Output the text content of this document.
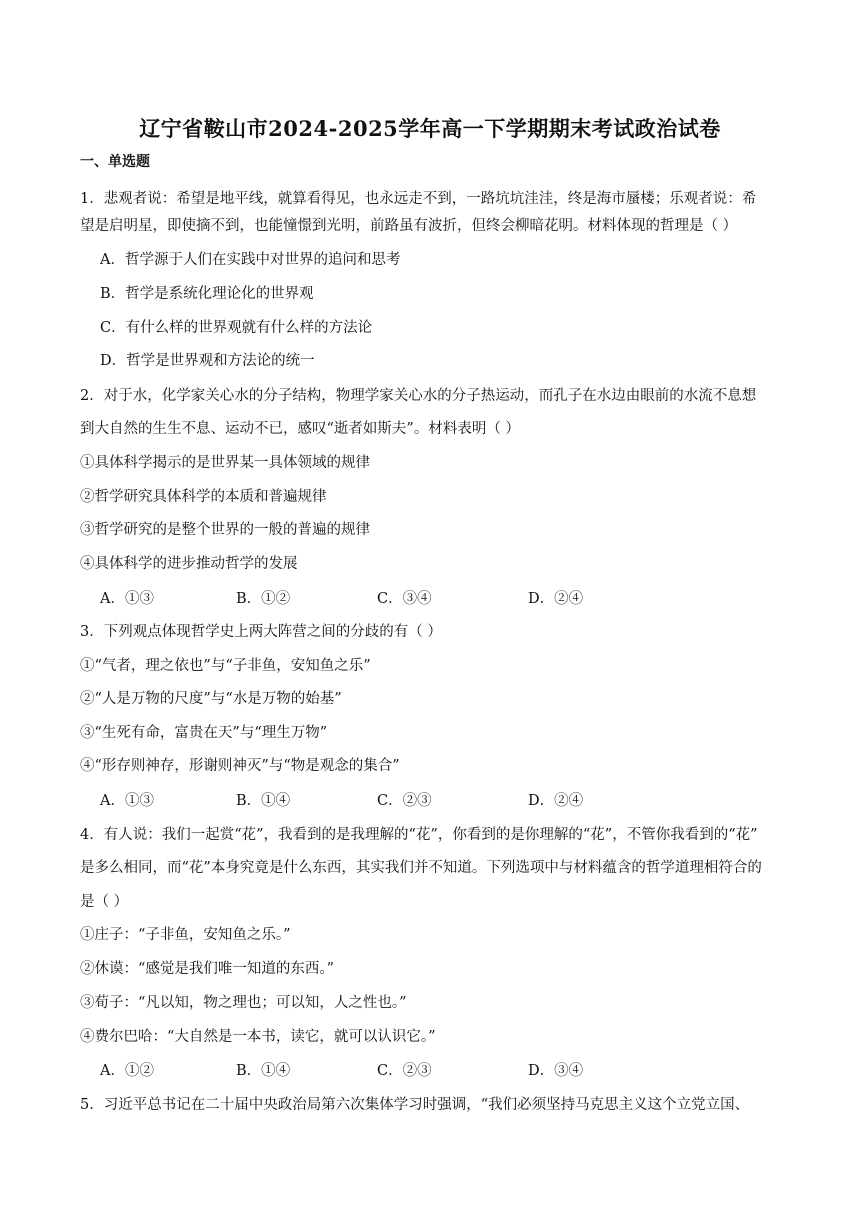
辽宁省鞍山市2024-2025学年高一下学期期末考试政治试卷
一、单选题
1．悲观者说：希望是地平线，就算看得见，也永远走不到，一路坑坑洼洼，终是海市蜃楼；乐观者说：希
望是启明星，即使摘不到，也能憧憬到光明，前路虽有波折，但终会柳暗花明。材料体现的哲理是（ ）
A．哲学源于人们在实践中对世界的追问和思考
B．哲学是系统化理论化的世界观
C．有什么样的世界观就有什么样的方法论
D．哲学是世界观和方法论的统一
2．对于水，化学家关心水的分子结构，物理学家关心水的分子热运动，而孔子在水边由眼前的水流不息想
到大自然的生生不息、运动不已，感叹“逝者如斯夫”。材料表明（ ）
①具体科学揭示的是世界某一具体领域的规律
②哲学研究具体科学的本质和普遍规律
③哲学研究的是整个世界的一般的普遍的规律
④具体科学的进步推动哲学的发展
A．①③	B．①②	C．③④	D．②④
3．下列观点体现哲学史上两大阵营之间的分歧的有（ ）
①“气者，理之依也”与“子非鱼，安知鱼之乐”
②“人是万物的尺度”与“水是万物的始基”
③“生死有命，富贵在天”与“理生万物”
④“形存则神存，形谢则神灭”与“物是观念的集合”
A．①③	B．①④	C．②③	D．②④
4．有人说：我们一起赏“花”，我看到的是我理解的“花”，你看到的是你理解的“花”，不管你我看到的“花”
是多么相同，而“花”本身究竟是什么东西，其实我们并不知道。下列选项中与材料蕴含的哲学道理相符合的
是（ ）
①庄子：“子非鱼，安知鱼之乐。”
②休谟：“感觉是我们唯一知道的东西。”
③荀子：“凡以知，物之理也；可以知，人之性也。”
④费尔巴哈：“大自然是一本书，读它，就可以认识它。”
A．①②	B．①④	C．②③	D．③④
5．习近平总书记在二十届中央政治局第六次集体学习时强调，“我们必须坚持马克思主义这个立党立国、
